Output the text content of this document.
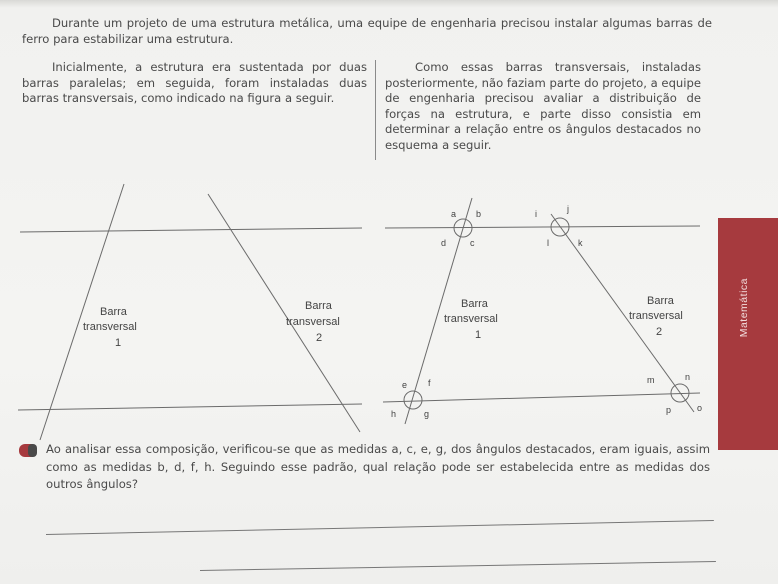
Durante um projeto de uma estrutura metálica, uma equipe de engenharia precisou instalar algumas barras de ferro para estabilizar uma estrutura.

Inicialmente, a estrutura era sustentada por duas barras paralelas; em seguida, foram instaladas duas barras transversais, como indicado na figura a seguir.

Como essas barras transversais, instaladas posteriormente, não faziam parte do projeto, a equipe de engenharia precisou avaliar a distribuição de forças na estrutura, e parte disso consistia em determinar a relação entre os ângulos destacados no esquema a seguir.

Barra
transversal
1
Barra
transversal
2
a b
d	c
i	j
l	k
e f
h	g
m	n
p	o
Barra
transversal
1
Barra
transversal
2	Matemática

Ao analisar essa composição, verificou-se que as medidas a, c, e, g, dos ângulos destacados, eram iguais, assim como as medidas b, d, f, h. Seguindo esse padrão, qual relação pode ser estabelecida entre as medidas dos outros ângulos?
